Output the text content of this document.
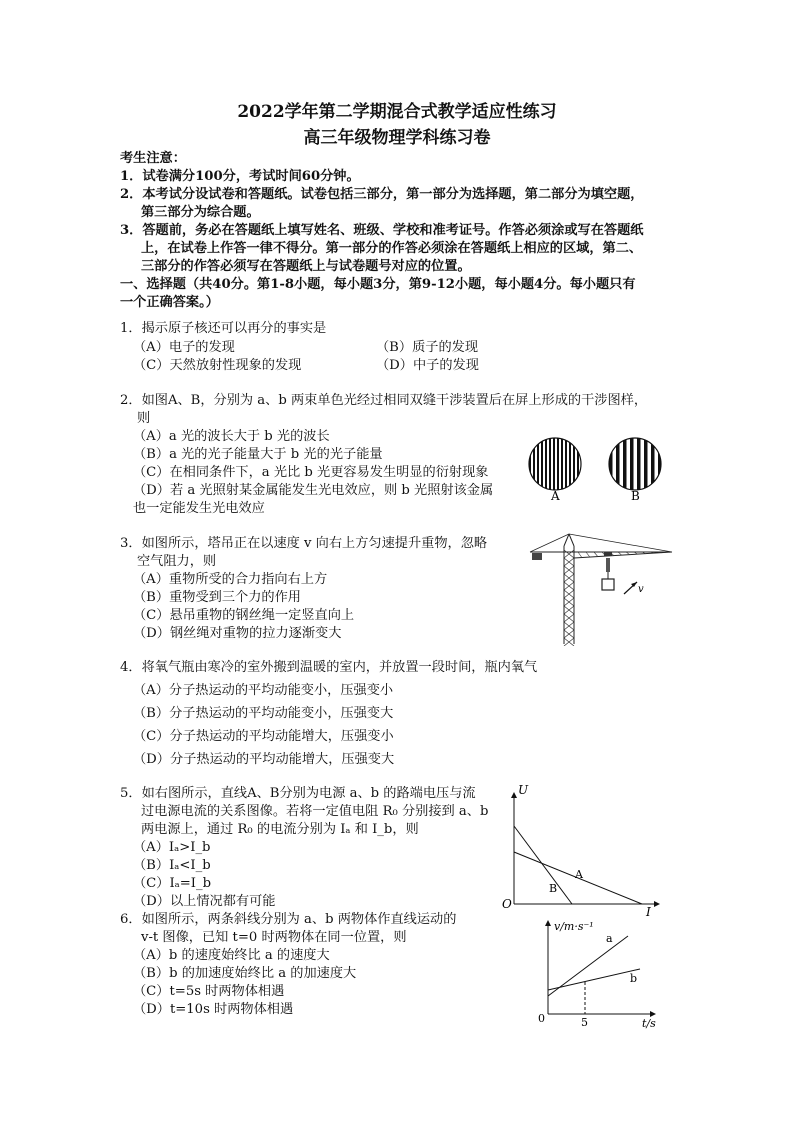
2022学年第二学期混合式教学适应性练习
高三年级物理学科练习卷
考生注意：
1．试卷满分100分，考试时间60分钟。
2．本考试分设试卷和答题纸。试卷包括三部分，第一部分为选择题，第二部分为填空题，
第三部分为综合题。
3．答题前，务必在答题纸上填写姓名、班级、学校和准考证号。作答必须涂或写在答题纸
上，在试卷上作答一律不得分。第一部分的作答必须涂在答题纸上相应的区域，第二、
三部分的作答必须写在答题纸上与试卷题号对应的位置。
一、选择题（共40分。第1-8小题，每小题3分，第9-12小题，每小题4分。每小题只有
一个正确答案。）
1．揭示原子核还可以再分的事实是
（A）电子的发现	（B）质子的发现
（C）天然放射性现象的发现	（D）中子的发现
2．如图A、B，分别为 a、b 两束单色光经过相同双缝干涉装置后在屏上形成的干涉图样，
则
（A）a 光的波长大于 b 光的波长
（B）a 光的光子能量大于 b 光的光子能量
（C）在相同条件下，a 光比 b 光更容易发生明显的衍射现象
（D）若 a 光照射某金属能发生光电效应，则 b 光照射该金属
也一定能发生光电效应
A	B
3．如图所示，塔吊正在以速度 v 向右上方匀速提升重物，忽略
空气阻力，则
（A）重物所受的合力指向右上方
（B）重物受到三个力的作用
（C）悬吊重物的钢丝绳一定竖直向上
（D）钢丝绳对重物的拉力逐渐变大
v
4．将氧气瓶由寒冷的室外搬到温暖的室内，并放置一段时间，瓶内氧气
（A）分子热运动的平均动能变小，压强变小
（B）分子热运动的平均动能变小，压强变大
（C）分子热运动的平均动能增大，压强变小
（D）分子热运动的平均动能增大，压强变大
5．如右图所示，直线A、B分别为电源 a、b 的路端电压与流
过电源电流的关系图像。若将一定值电阻 R₀ 分别接到 a、b
两电源上，通过 R₀ 的电流分别为 Iₐ 和 I_b，则
（A）Iₐ>I_b
（B）Iₐ<I_b
（C）Iₐ=I_b
（D）以上情况都有可能
U
I
O
A
B
6．如图所示，两条斜线分别为 a、b 两物体作直线运动的
v-t 图像，已知 t=0 时两物体在同一位置，则
（A）b 的速度始终比 a 的速度大
（B）b 的加速度始终比 a 的加速度大
（C）t=5s 时两物体相遇
（D）t=10s 时两物体相遇
v/m·s⁻¹
t/s
0	5
a
b
